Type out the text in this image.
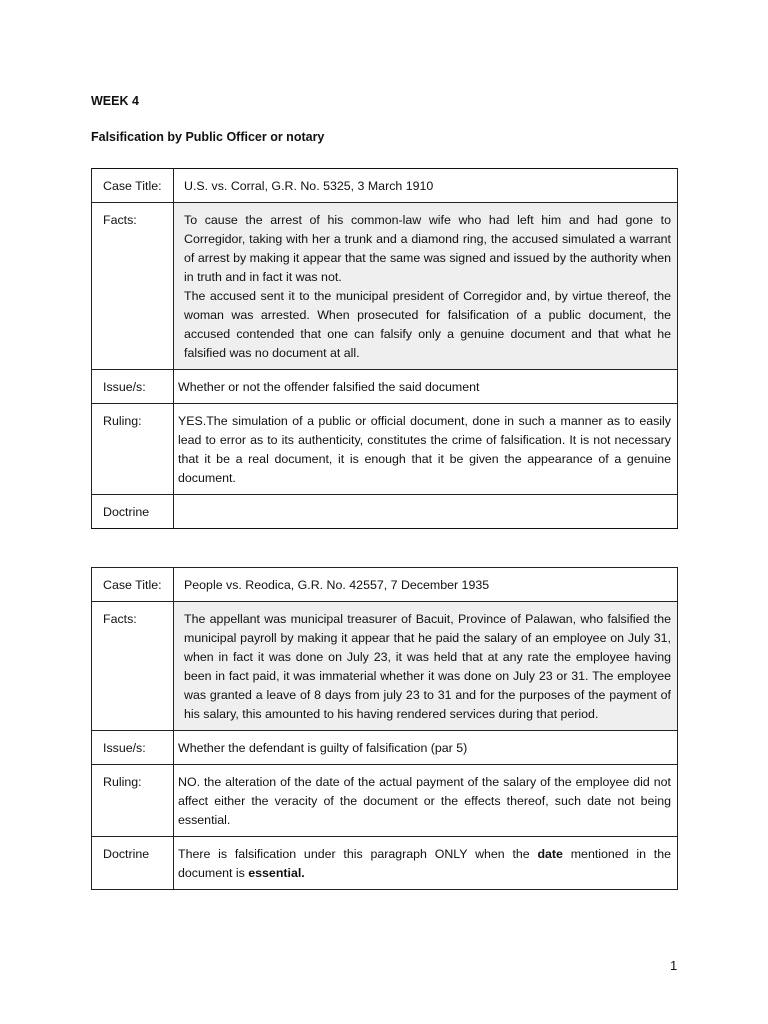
WEEK 4
Falsification by Public Officer or notary
Case Title:	U.S. vs. Corral, G.R. No. 5325, 3 March 1910

Facts:	To cause the arrest of his common-law wife who had left him and had gone to Corregidor, taking with her a trunk and a diamond ring, the accused simulated a warrant of arrest by making it appear that the same was signed and issued by the authority when in truth and in fact it was not.
The accused sent it to the municipal president of Corregidor and, by virtue thereof, the woman was arrested. When prosecuted for falsification of a public document, the accused contended that one can falsify only a genuine document and that what he falsified was no document at all.

Issue/s:	Whether or not the offender falsified the said document
Ruling:	YES.The simulation of a public or official document, done in such a manner as to easily lead to error as to its authenticity, constitutes the crime of falsification. It is not necessary that it be a real document, it is enough that it be given the appearance of a genuine document.
Doctrine	
Case Title:	People vs. Reodica, G.R. No. 42557, 7 December 1935

Facts:	The appellant was municipal treasurer of Bacuit, Province of Palawan, who falsified the municipal payroll by making it appear that he paid the salary of an employee on July 31, when in fact it was done on July 23, it was held that at any rate the employee having been in fact paid, it was immaterial whether it was done on July 23 or 31. The employee was granted a leave of 8 days from july 23 to 31 and for the purposes of the payment of his salary, this amounted to his having rendered services during that period.

Issue/s:	Whether the defendant is guilty of falsification (par 5)
Ruling:	NO. the alteration of the date of the actual payment of the salary of the employee did not affect either the veracity of the document or the effects thereof, such date not being essential.
Doctrine	There is falsification under this paragraph ONLY when the date mentioned in the document is essential.
1
